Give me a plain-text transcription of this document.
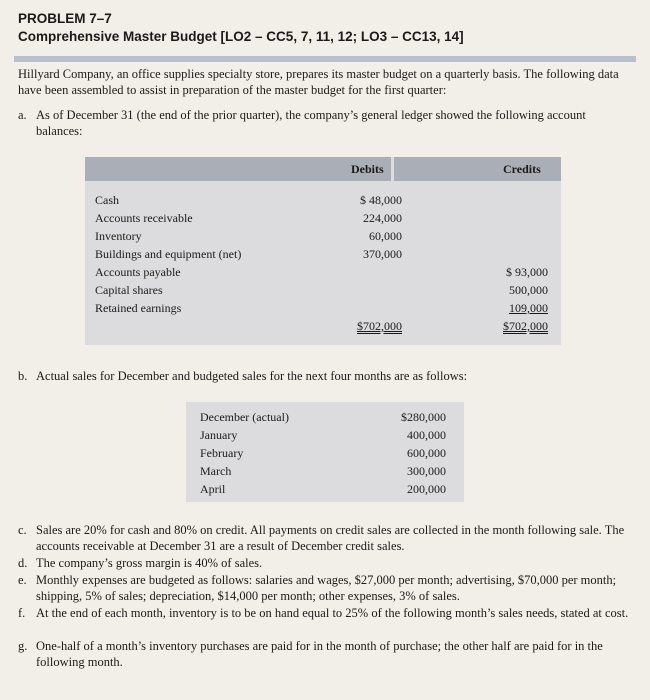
PROBLEM 7–7
Comprehensive Master Budget [LO2 – CC5, 7, 11, 12; LO3 – CC13, 14]
Hillyard Company, an office supplies specialty store, prepares its master budget on a quarterly basis. The following data have been assembled to assist in preparation of the master budget for the first quarter:
a. As of December 31 (the end of the prior quarter), the company’s general ledger showed the following account balances:
Debits	Credits
Cash
Accounts receivable
Inventory
Buildings and equipment (net)
Accounts payable
Capital shares
Retained earnings
$ 48,000
224,000
60,000
370,000
$ 93,000
500,000
109,000
$702,000	$702,000
b. Actual sales for December and budgeted sales for the next four months are as follows:
December (actual)
January
February
March
April
$280,000
400,000
600,000
300,000
200,000
c. Sales are 20% for cash and 80% on credit. All payments on credit sales are collected in the month following sale. The accounts receivable at December 31 are a result of December credit sales.
d. The company’s gross margin is 40% of sales.
e. Monthly expenses are budgeted as follows: salaries and wages, $27,000 per month; advertising, $70,000 per month; shipping, 5% of sales; depreciation, $14,000 per month; other expenses, 3% of sales.
f. At the end of each month, inventory is to be on hand equal to 25% of the following month’s sales needs, stated at cost.
g. One-half of a month’s inventory purchases are paid for in the month of purchase; the other half are paid for in the following month.
